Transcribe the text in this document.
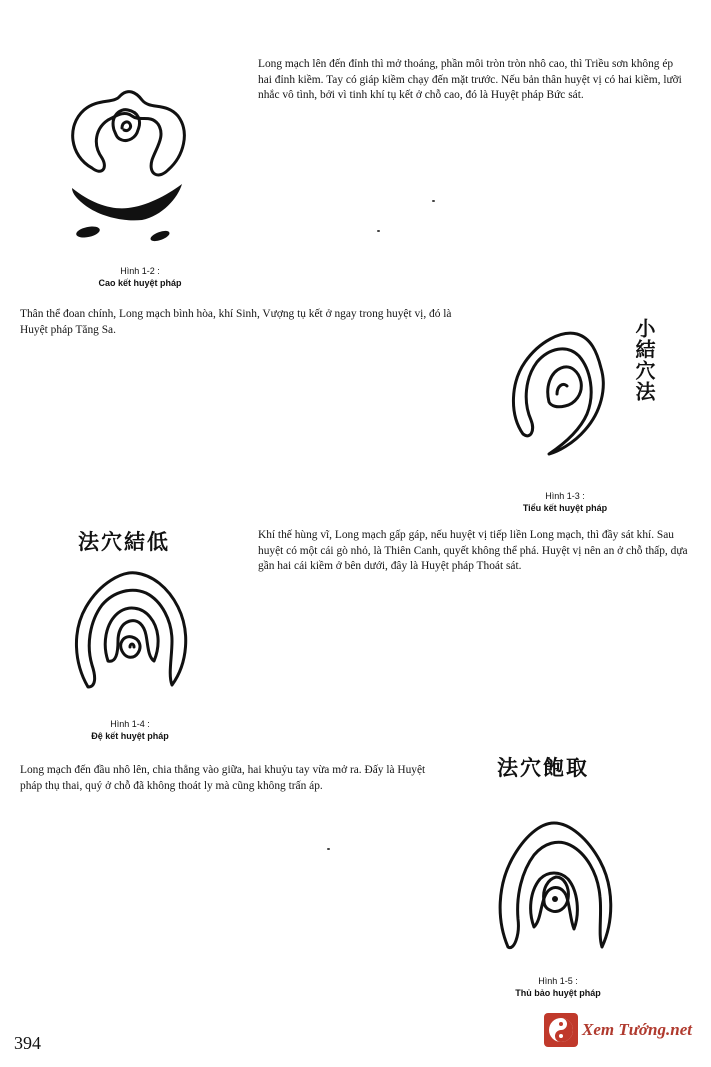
Long mạch lên đến đỉnh thì mở thoáng, phần môi tròn tròn nhô cao, thì Triều sơn không ép hai đỉnh kiềm. Tay có giáp kiềm chạy đến mặt trước. Nếu bản thân huyệt vị có hai kiềm, lưỡi nhắc vô tình, bởi vì tinh khí tụ kết ở chỗ cao, đó là Huyệt pháp Bức sát.

Hình 1-2 :
Cao kết huyệt pháp

Thân thể đoan chính, Long mạch bình hòa, khí Sinh, Vượng tụ kết ở ngay trong huyệt vị, đó là Huyệt pháp Tăng Sa.	小結穴法
Hình 1-3 :
Tiểu kết huyệt pháp
法穴結低
Hình 1-4 :
Đệ kết huyệt pháp

Khí thế hùng vĩ, Long mạch gấp gáp, nếu huyệt vị tiếp liền Long mạch, thì đầy sát khí. Sau huyệt có một cái gò nhỏ, là Thiên Canh, quyết không thể phá. Huyệt vị nên an ở chỗ thấp, dựa gần hai cái kiềm ở bên dưới, đây là Huyệt pháp Thoát sát.

Long mạch đến đầu nhô lên, chia thẳng vào giữa, hai khuỷu tay vừa mở ra. Đấy là Huyệt pháp thụ thai, quý ở chỗ đã không thoát ly mà cũng không trấn áp.

法穴飽取
Hình 1-5 :
Thủ bảo huyệt pháp
394
Xem Tướng.net
